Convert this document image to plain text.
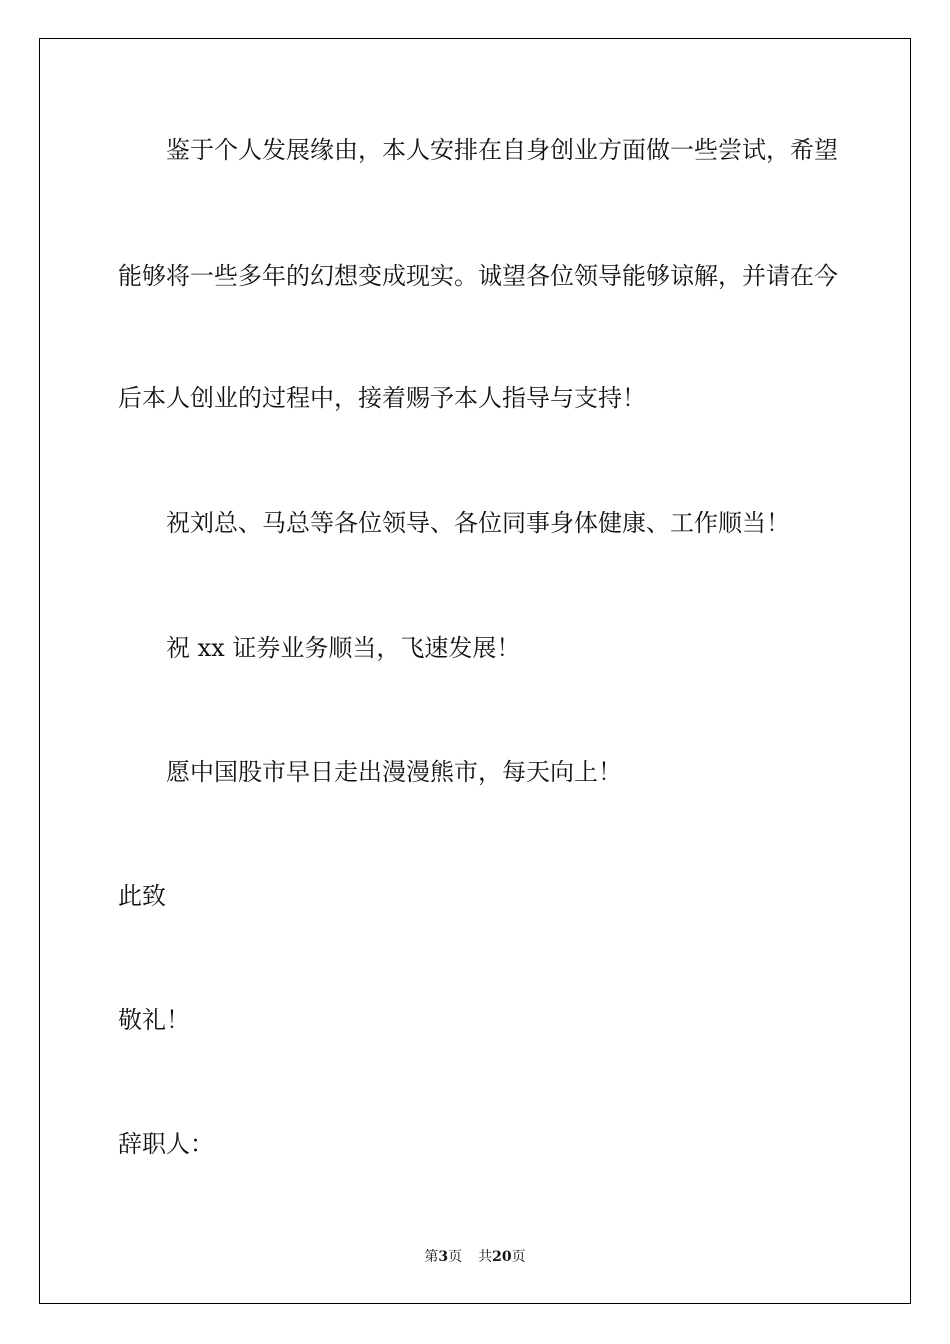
鉴于个人发展缘由，本人安排在自身创业方面做一些尝试，希望
能够将一些多年的幻想变成现实。诚望各位领导能够谅解，并请在今
后本人创业的过程中，接着赐予本人指导与支持！
祝刘总、马总等各位领导、各位同事身体健康、工作顺当！
祝 xx 证券业务顺当，飞速发展！
愿中国股市早日走出漫漫熊市，每天向上！
此致
敬礼！
辞职人：
第3页 共20页
